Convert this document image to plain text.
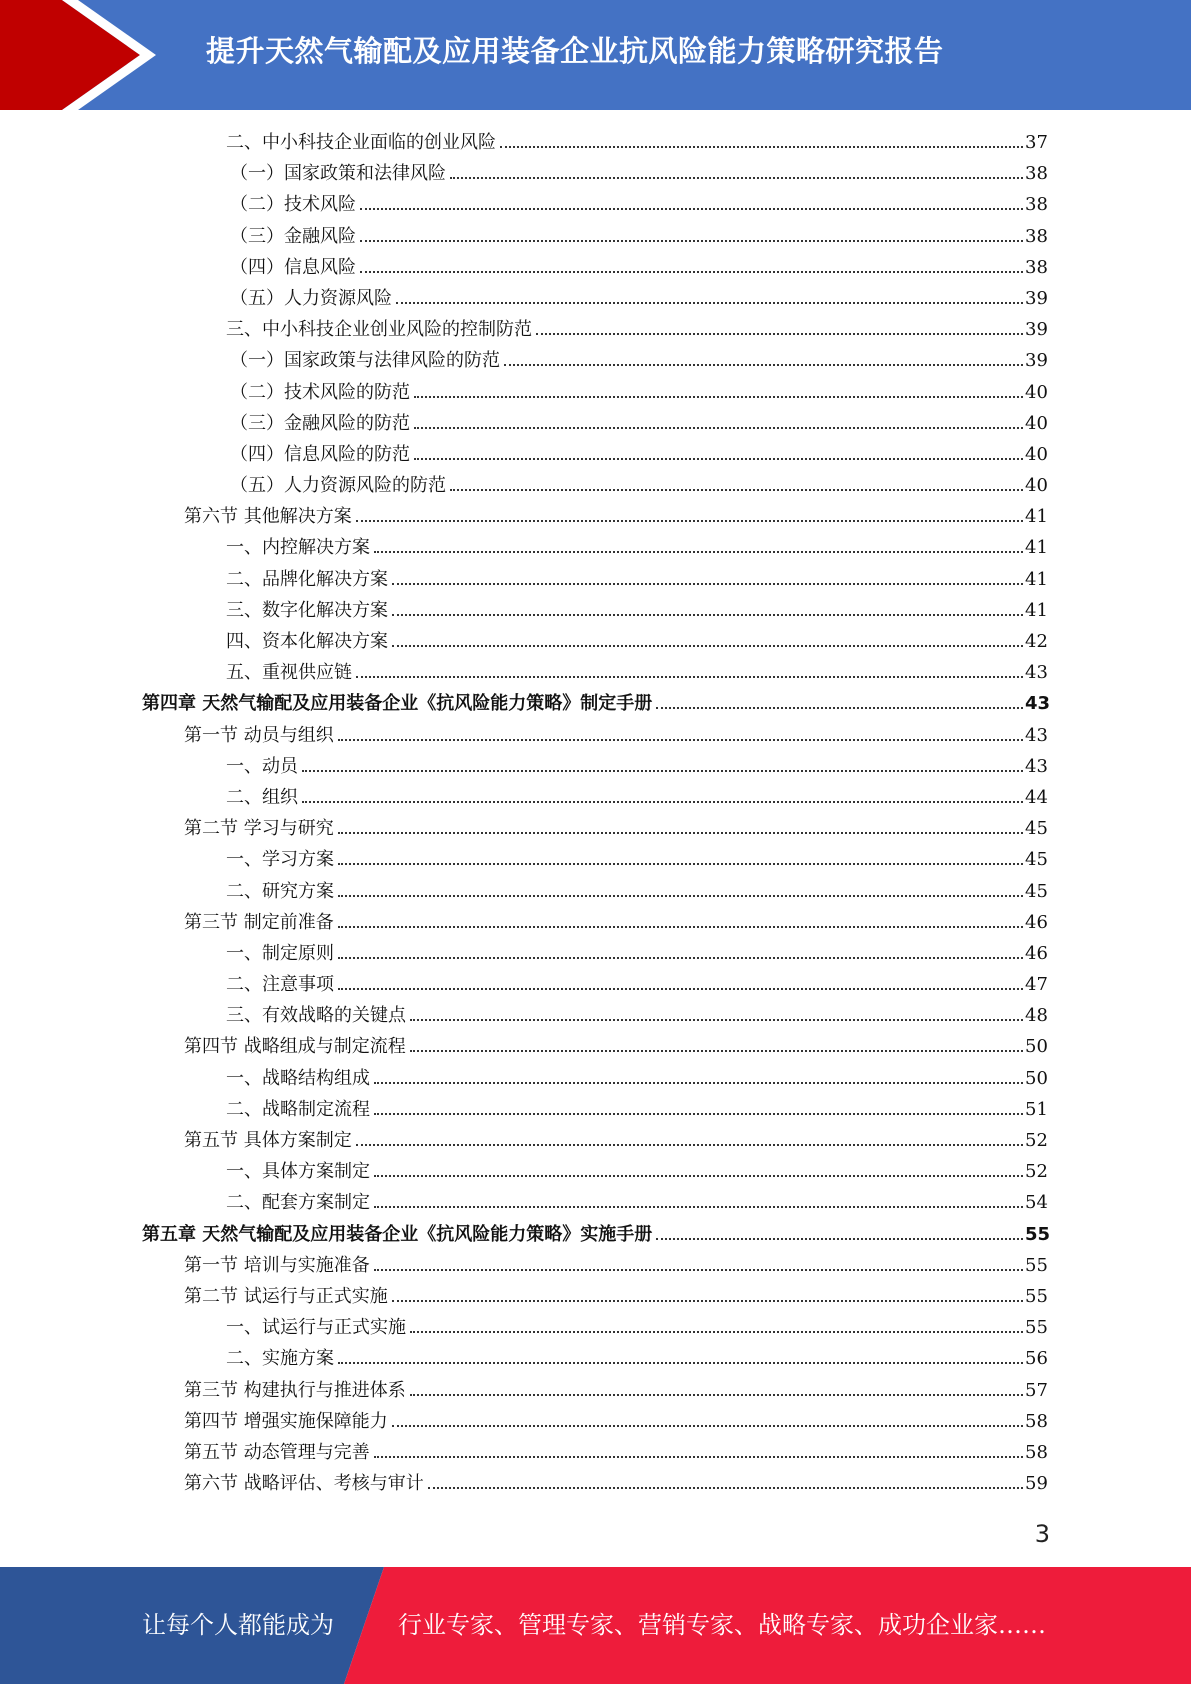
提升天然气输配及应用装备企业抗风险能力策略研究报告
二、中小科技企业面临的创业风险	37
（一）国家政策和法律风险	38
（二）技术风险	38
（三）金融风险	38
（四）信息风险	38
（五）人力资源风险	39
三、中小科技企业创业风险的控制防范	39
（一）国家政策与法律风险的防范	39
（二）技术风险的防范	40
（三）金融风险的防范	40
（四）信息风险的防范	40
（五）人力资源风险的防范	40
第六节 其他解决方案	41
一、内控解决方案	41
二、品牌化解决方案	41
三、数字化解决方案	41
四、资本化解决方案	42
五、重视供应链	43
第四章 天然气输配及应用装备企业《抗风险能力策略》制定手册	43
第一节 动员与组织	43
一、动员	43
二、组织	44
第二节 学习与研究	45
一、学习方案	45
二、研究方案	45
第三节 制定前准备	46
一、制定原则	46
二、注意事项	47
三、有效战略的关键点	48
第四节 战略组成与制定流程	50
一、战略结构组成	50
二、战略制定流程	51
第五节 具体方案制定	52
一、具体方案制定	52
二、配套方案制定	54
第五章 天然气输配及应用装备企业《抗风险能力策略》实施手册	55
第一节 培训与实施准备	55
第二节 试运行与正式实施	55
一、试运行与正式实施	55
二、实施方案	56
第三节 构建执行与推进体系	57
第四节 增强实施保障能力	58
第五节 动态管理与完善	58
第六节 战略评估、考核与审计	59
3
让每个人都能成为	行业专家、管理专家、营销专家、战略专家、成功企业家……
